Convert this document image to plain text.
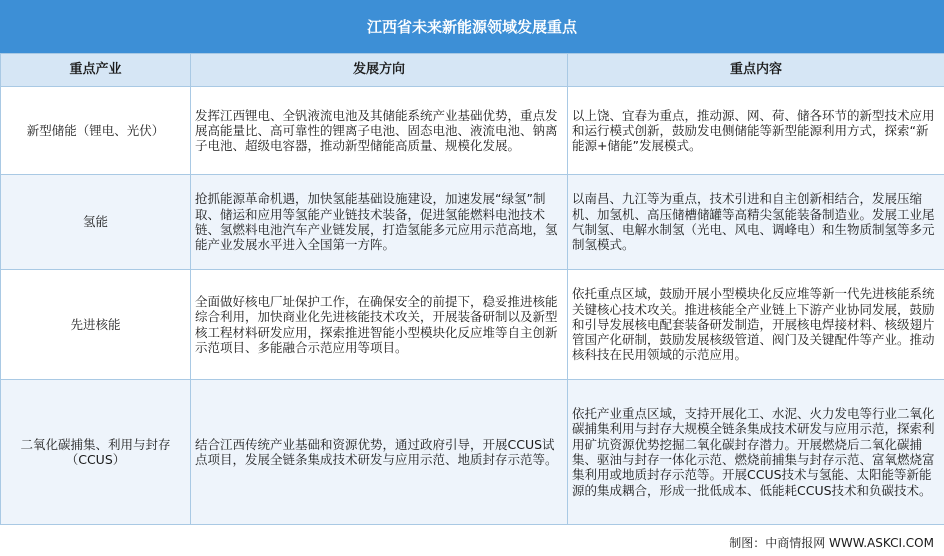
江西省未来新能源领域发展重点
重点产业	发展方向	重点内容
新型储能（锂电、光伏）	发挥江西锂电、全钒液流电池及其储能系统产业基础优势，重点发展高能量比、高可靠性的锂离子电池、固态电池、液流电池、钠离子电池、超级电容器，推动新型储能高质量、规模化发展。	以上饶、宜春为重点，推动源、网、荷、储各环节的新型技术应用和运行模式创新，鼓励发电侧储能等新型能源利用方式，探索“新能源+储能”发展模式。
氢能	抢抓能源革命机遇，加快氢能基础设施建设，加速发展“绿氢”制取、储运和应用等氢能产业链技术装备，促进氢能燃料电池技术链、氢燃料电池汽车产业链发展，打造氢能多元应用示范高地，氢能产业发展水平进入全国第一方阵。	以南昌、九江等为重点，技术引进和自主创新相结合，发展压缩机、加氢机、高压储槽储罐等高精尖氢能装备制造业。发展工业尾气制氢、电解水制氢（光电、风电、调峰电）和生物质制氢等多元制氢模式。
先进核能	全面做好核电厂址保护工作，在确保安全的前提下，稳妥推进核能综合利用，加快商业化先进核能技术攻关，开展装备研制以及新型核工程材料研发应用，探索推进智能小型模块化反应堆等自主创新示范项目、多能融合示范应用等项目。	依托重点区域，鼓励开展小型模块化反应堆等新一代先进核能系统关键核心技术攻关。推进核能全产业链上下游产业协同发展，鼓励和引导发展核电配套装备研发制造，开展核电焊接材料、核级翅片管国产化研制，鼓励发展核级管道、阀门及关键配件等产业。推动核科技在民用领域的示范应用。
二氧化碳捕集、利用与封存（CCUS）	结合江西传统产业基础和资源优势，通过政府引导，开展CCUS试点项目，发展全链条集成技术研发与应用示范、地质封存示范等。	依托产业重点区域，支持开展化工、水泥、火力发电等行业二氧化碳捕集利用与封存大规模全链条集成技术研发与应用示范，探索利用矿坑资源优势挖掘二氧化碳封存潜力。开展燃烧后二氧化碳捕集、驱油与封存一体化示范、燃烧前捕集与封存示范、富氧燃烧富集利用或地质封存示范等。开展CCUS技术与氢能、太阳能等新能源的集成耦合，形成一批低成本、低能耗CCUS技术和负碳技术。
制图：中商情报网 WWW.ASKCI.COM
